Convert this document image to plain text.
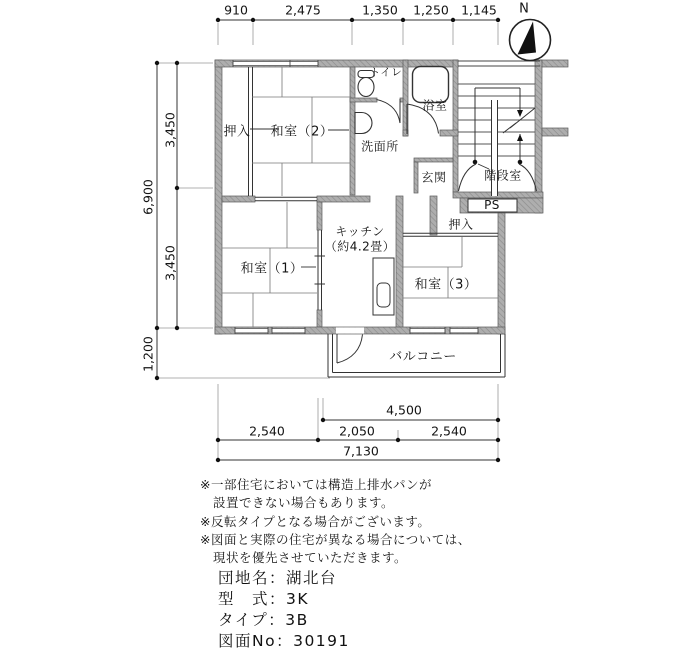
N
910	2,475	1,350 1,250 1,145
6,900
3,450
3,450
1,200
4,500
2,540	2,050	2,540
7,130
押入 和室（2）
トイレ
洗面所
浴室
玄関	階段室
PS
押入
キッチン
（約4.2畳）
和室（1）
和室（3）
バルコニー
※一部住宅においては構造上排水パンが
　設置できない場合もあります。
※反転タイプとなる場合がございます。
※図面と実際の住宅が異なる場合については、
　現状を優先させていただきます。
団地名：湖北台
型　式：3K
タイプ：3B
図面No：30191
